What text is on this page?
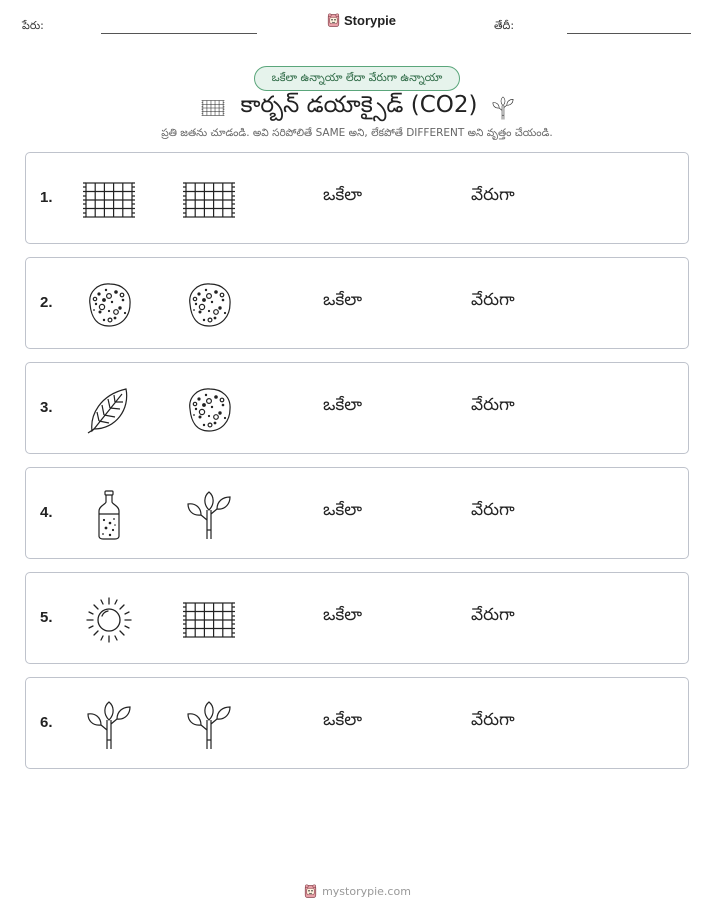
పేరు:	Storypie	తేదీ:
ఒకేలా ఉన్నాయా లేదా వేరుగా ఉన్నాయా
కార్బన్ డయాక్సైడ్ (CO2)
ప్రతి జతను చూడండి. అవి సరిపోలితే SAME అని, లేకపోతే DIFFERENT అని వృత్తం చేయండి.
1.	ఒకేలా	వేరుగా
2.	ఒకేలా	వేరుగా
3.	ఒకేలా	వేరుగా
4.	ఒకేలా	వేరుగా
5.	ఒకేలా	వేరుగా
6.	ఒకేలా	వేరుగా
mystorypie.com
